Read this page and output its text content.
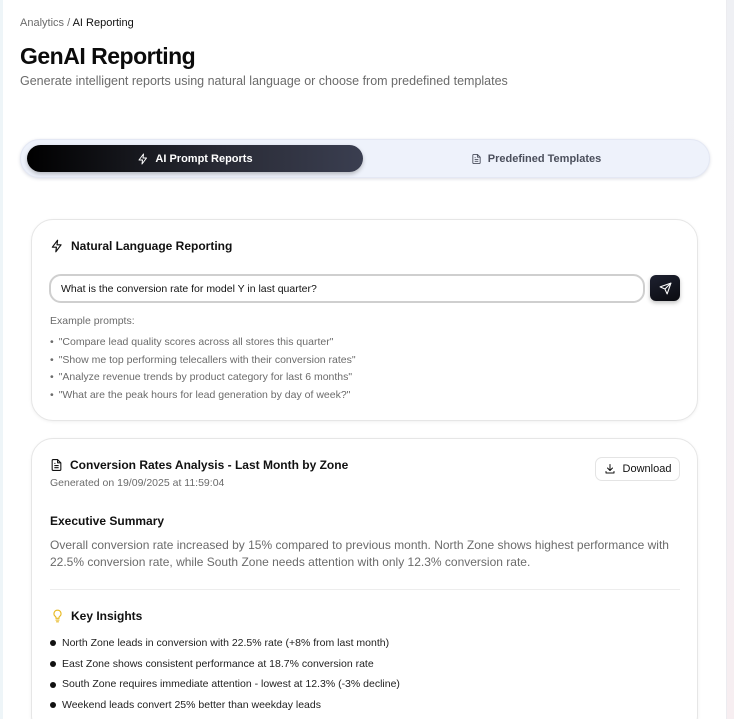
Analytics / AI Reporting
GenAI Reporting

Generate intelligent reports using natural language or choose from predefined templates

AI Prompt Reports	Predefined Templates
Natural Language Reporting
What is the conversion rate for model Y in last quarter?
Example prompts:
• "Compare lead quality scores across all stores this quarter"
• "Show me top performing telecallers with their conversion rates"
• "Analyze revenue trends by product category for last 6 months"
• "What are the peak hours for lead generation by day of week?"
Conversion Rates Analysis - Last Month by Zone
Generated on 19/09/2025 at 11:59:04
Download
Executive Summary

Overall conversion rate increased by 15% compared to previous month. North Zone shows highest performance with 22.5% conversion rate, while South Zone needs attention with only 12.3% conversion rate.

Key Insights
North Zone leads in conversion with 22.5% rate (+8% from last month)
East Zone shows consistent performance at 18.7% conversion rate
South Zone requires immediate attention - lowest at 12.3% (-3% decline)
Weekend leads convert 25% better than weekday leads
